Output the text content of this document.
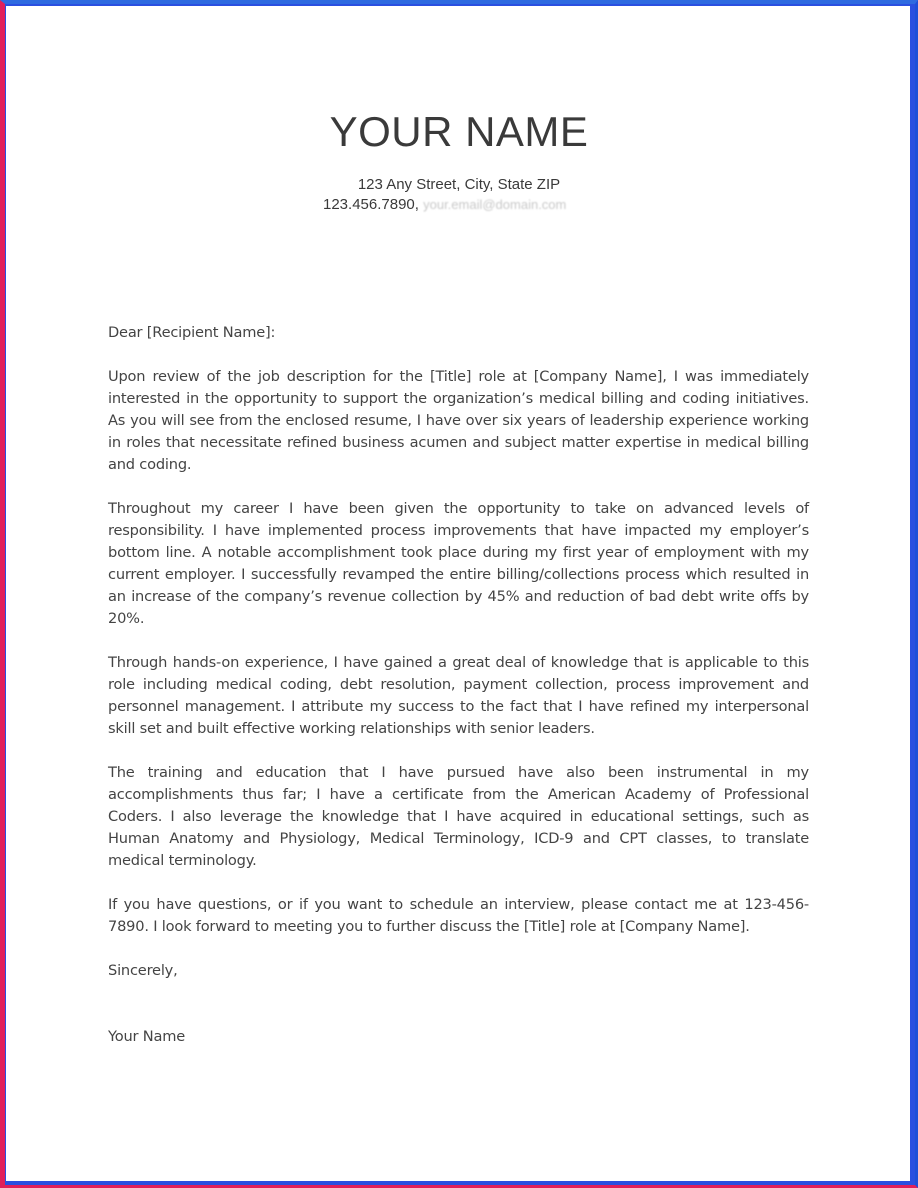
YOUR NAME
123 Any Street, City, State ZIP
123.456.7890, your.email@domain.com

Dear [Recipient Name]:

Upon review of the job description for the [Title] role at [Company Name], I was immediately interested in the opportunity to support the organization’s medical billing and coding initiatives. As you will see from the enclosed resume, I have over six years of leadership experience working in roles that necessitate refined business acumen and subject matter expertise in medical billing and coding.

Throughout my career I have been given the opportunity to take on advanced levels of responsibility. I have implemented process improvements that have impacted my employer’s bottom line. A notable accomplishment took place during my first year of employment with my current employer. I successfully revamped the entire billing/collections process which resulted in an increase of the company’s revenue collection by 45% and reduction of bad debt write offs by 20%.

Through hands-on experience, I have gained a great deal of knowledge that is applicable to this role including medical coding, debt resolution, payment collection, process improvement and personnel management. I attribute my success to the fact that I have refined my interpersonal skill set and built effective working relationships with senior leaders.

The training and education that I have pursued have also been instrumental in my accomplishments thus far; I have a certificate from the American Academy of Professional Coders. I also leverage the knowledge that I have acquired in educational settings, such as Human Anatomy and Physiology, Medical Terminology, ICD-9 and CPT classes, to translate medical terminology.

If you have questions, or if you want to schedule an interview, please contact me at 123-456-7890. I look forward to meeting you to further discuss the [Title] role at [Company Name].

Sincerely,

Your Name
